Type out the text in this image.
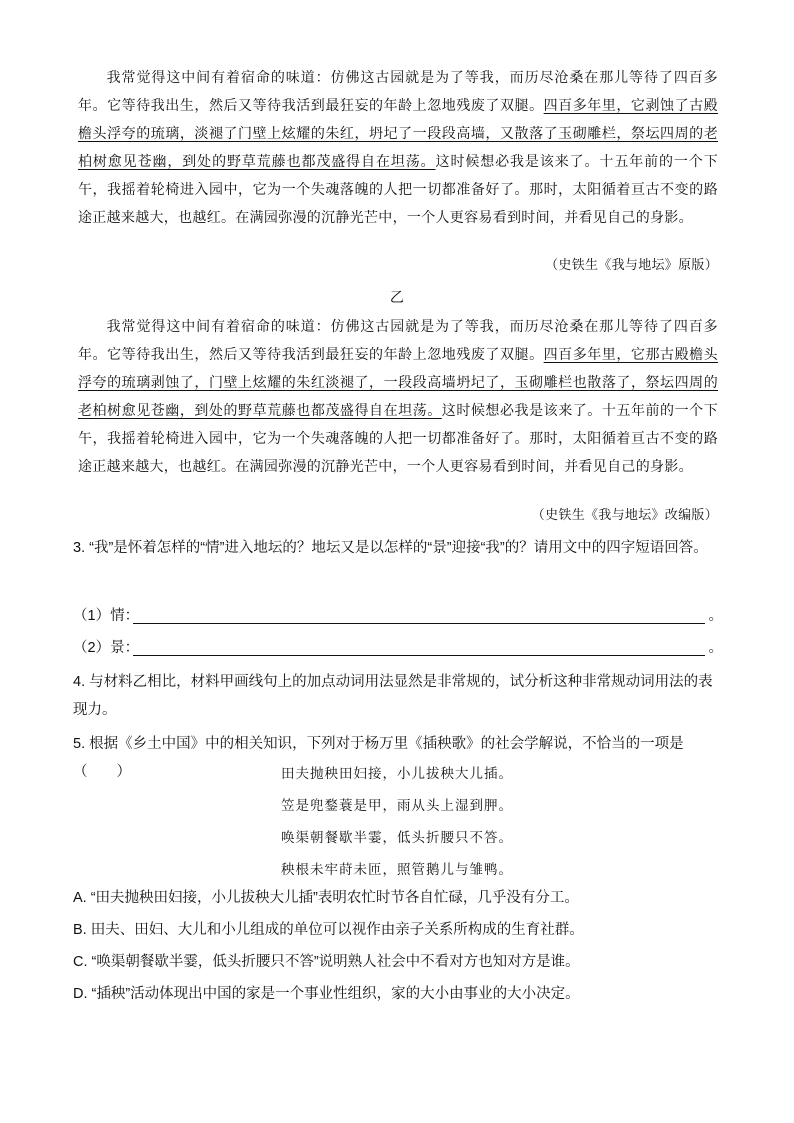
我常觉得这中间有着宿命的味道：仿佛这古园就是为了等我，而历尽沧桑在那儿等待了四百多年。它等待我出生，然后又等待我活到最狂妄的年龄上忽地残废了双腿。四百多年里，它剥蚀了古殿檐头浮夸的琉璃，淡褪了门壁上炫耀的朱红，坍圮了一段段高墙，又散落了玉砌雕栏，祭坛四周的老柏树愈见苍幽，到处的野草荒藤也都茂盛得自在坦荡。这时候想必我是该来了。十五年前的一个下午，我摇着轮椅进入园中，它为一个失魂落魄的人把一切都准备好了。那时，太阳循着亘古不变的路途正越来越大，也越红。在满园弥漫的沉静光芒中，一个人更容易看到时间，并看见自己的身影。
（史铁生《我与地坛》原版）
乙
我常觉得这中间有着宿命的味道：仿佛这古园就是为了等我，而历尽沧桑在那儿等待了四百多年。它等待我出生，然后又等待我活到最狂妄的年龄上忽地残废了双腿。四百多年里，它那古殿檐头浮夸的琉璃剥蚀了，门壁上炫耀的朱红淡褪了，一段段高墙坍圮了，玉砌雕栏也散落了，祭坛四周的老柏树愈见苍幽，到处的野草荒藤也都茂盛得自在坦荡。这时候想必我是该来了。十五年前的一个下午，我摇着轮椅进入园中，它为一个失魂落魄的人把一切都准备好了。那时，太阳循着亘古不变的路途正越来越大，也越红。在满园弥漫的沉静光芒中，一个人更容易看到时间，并看见自己的身影。
（史铁生《我与地坛》改编版）
3. “我”是怀着怎样的“情”进入地坛的？地坛又是以怎样的“景”迎接“我”的？请用文中的四字短语回答。
（1）情：	。
（2）景：	。
4. 与材料乙相比，材料甲画线句上的加点动词用法显然是非常规的，试分析这种非常规动词用法的表现力。
5. 根据《乡土中国》中的相关知识，下列对于杨万里《插秧歌》的社会学解说，不恰当的一项是（　　）	田夫抛秧田妇接，小儿拔秧大儿插。
笠是兜鍪蓑是甲，雨从头上湿到胛。
唤渠朝餐歇半霎，低头折腰只不答。
秧根未牢莳未匝，照管鹅儿与雏鸭。
A. “田夫抛秧田妇接，小儿拔秧大儿插”表明农忙时节各自忙碌，几乎没有分工。
B. 田夫、田妇、大儿和小儿组成的单位可以视作由亲子关系所构成的生育社群。
C. “唤渠朝餐歇半霎，低头折腰只不答”说明熟人社会中不看对方也知对方是谁。
D. “插秧”活动体现出中国的家是一个事业性组织，家的大小由事业的大小决定。
